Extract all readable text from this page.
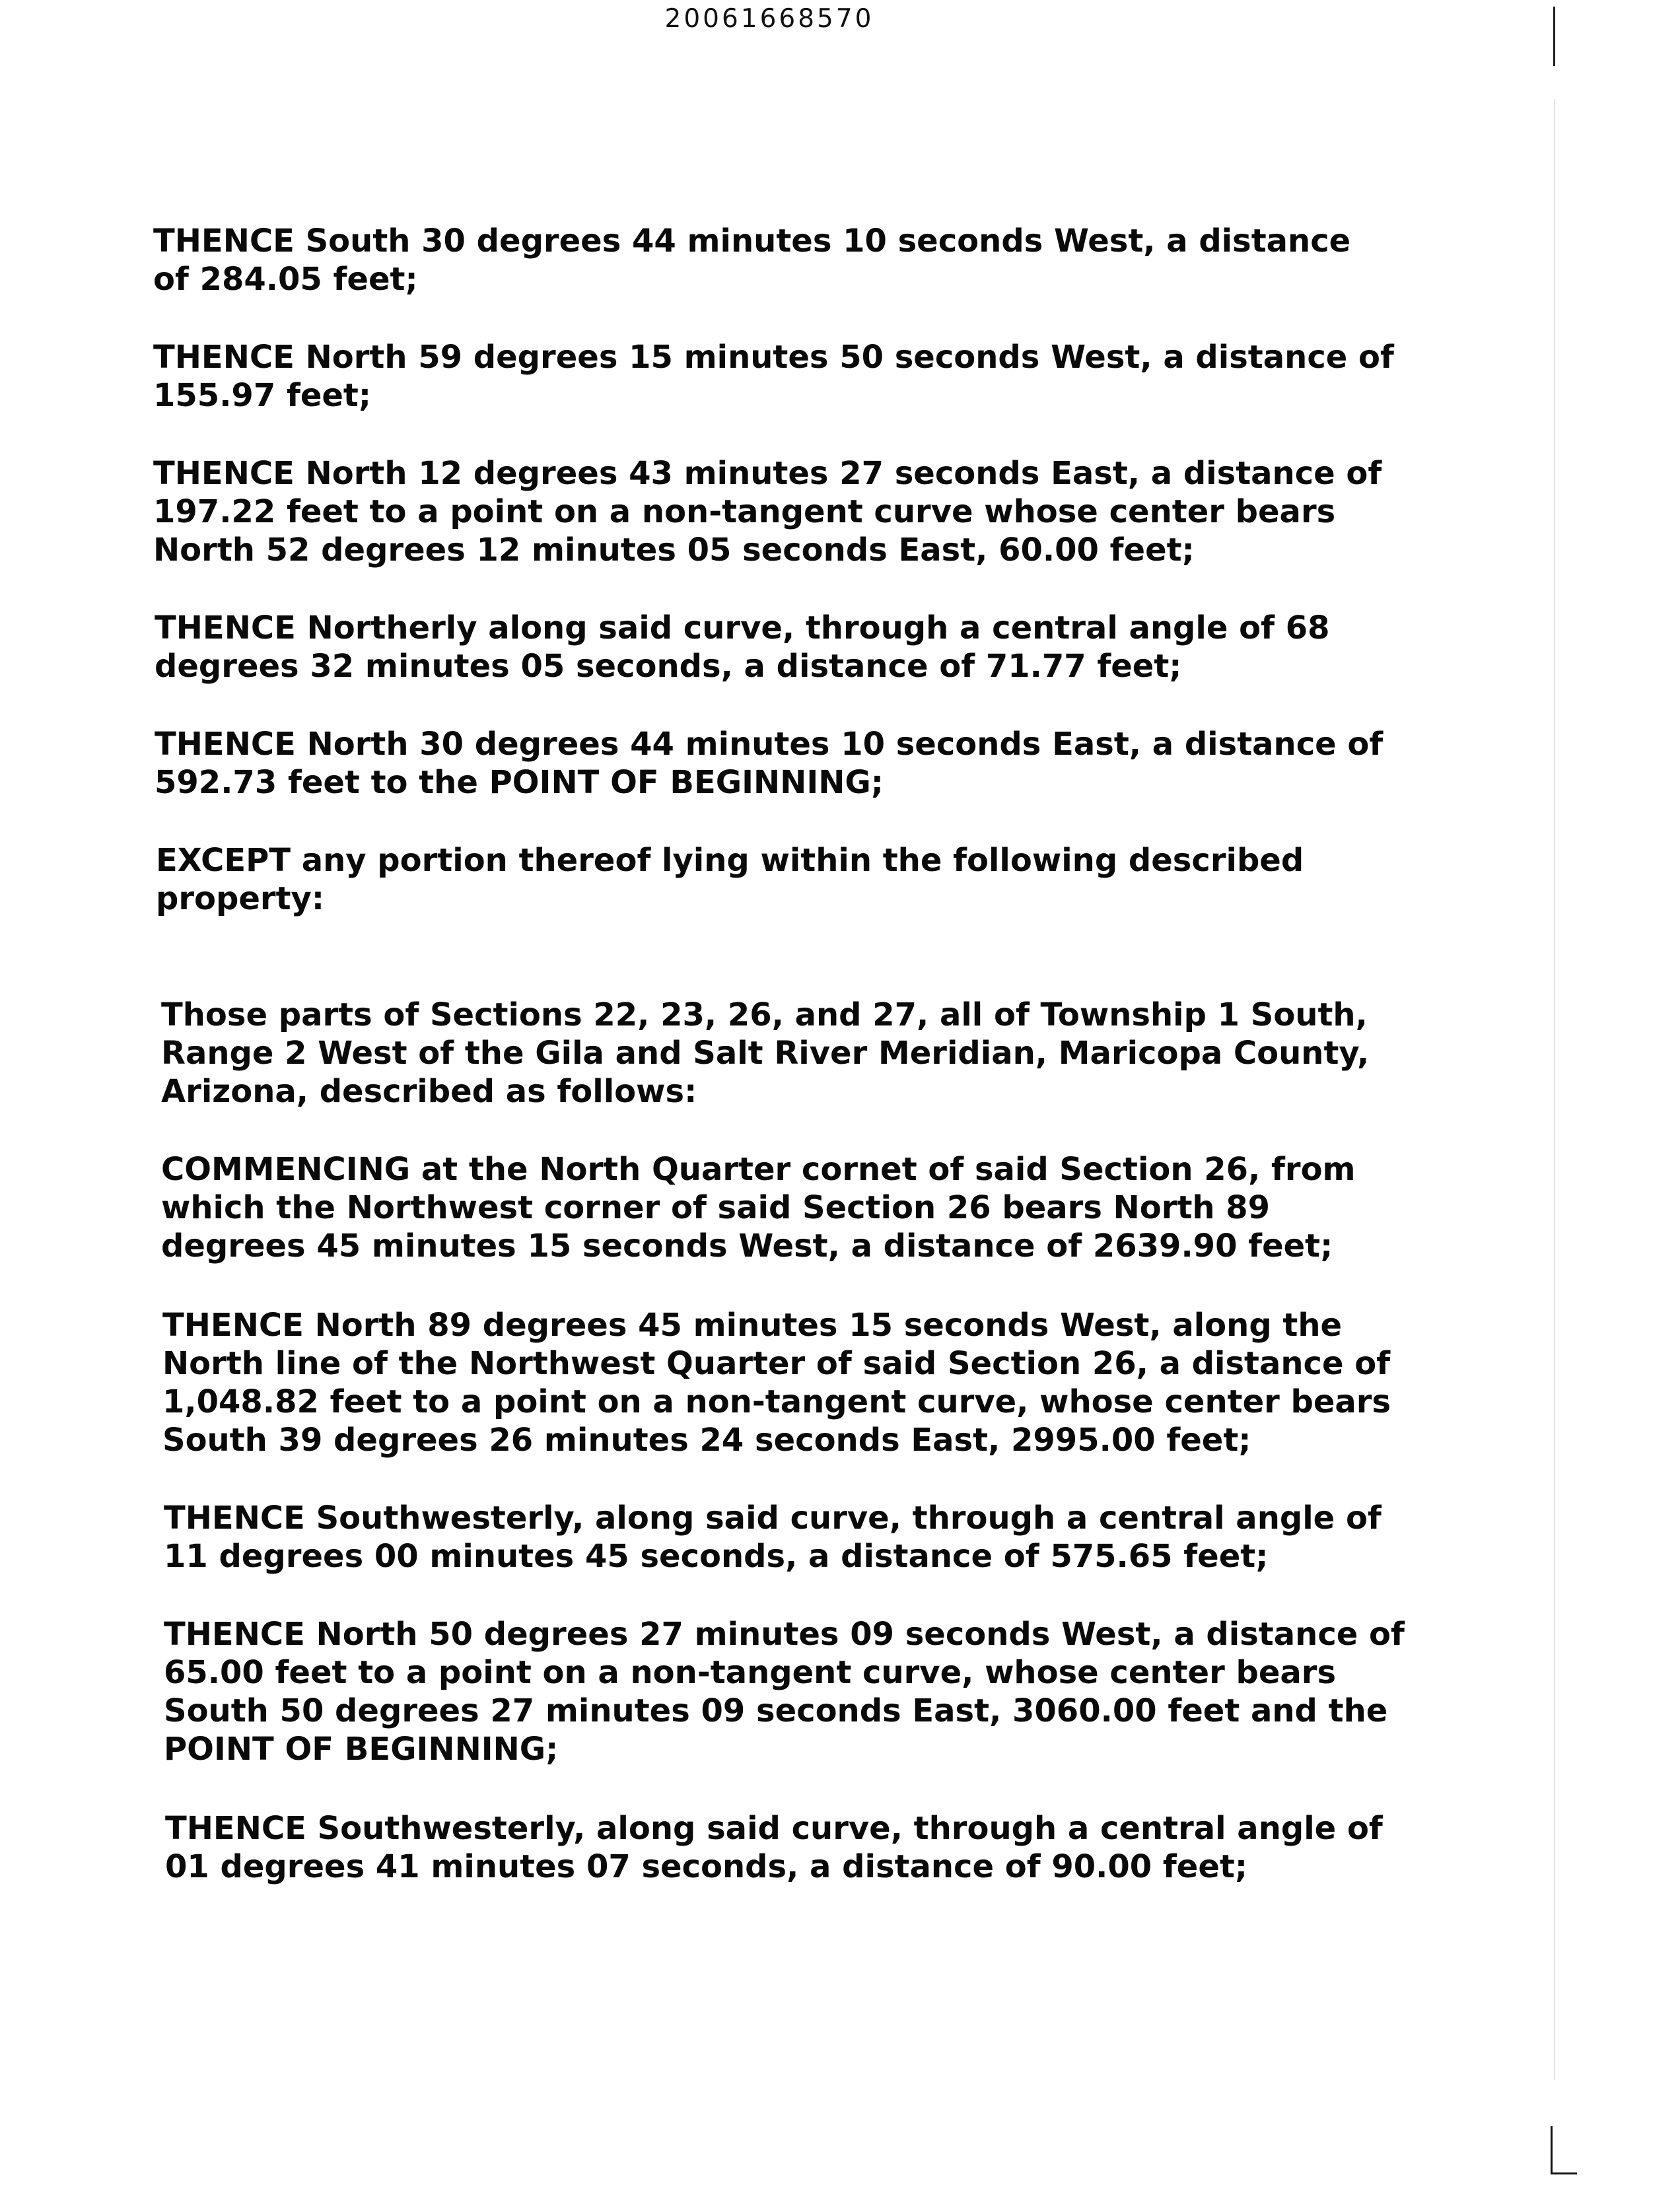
20061668570
THENCE South 30 degrees 44 minutes 10 seconds West, a distance
of 284.05 feet;
THENCE North 59 degrees 15 minutes 50 seconds West, a distance of
155.97 feet;
THENCE North 12 degrees 43 minutes 27 seconds East, a distance of
197.22 feet to a point on a non-tangent curve whose center bears
North 52 degrees 12 minutes 05 seconds East, 60.00 feet;
THENCE Northerly along said curve, through a central angle of 68
degrees 32 minutes 05 seconds, a distance of 71.77 feet;
THENCE North 30 degrees 44 minutes 10 seconds East, a distance of
592.73 feet to the POINT OF BEGINNING;
EXCEPT any portion thereof lying within the following described
property:
Those parts of Sections 22, 23, 26, and 27, all of Township 1 South,
Range 2 West of the Gila and Salt River Meridian, Maricopa County,
Arizona, described as follows:
COMMENCING at the North Quarter cornet of said Section 26, from
which the Northwest corner of said Section 26 bears North 89
degrees 45 minutes 15 seconds West, a distance of 2639.90 feet;
THENCE North 89 degrees 45 minutes 15 seconds West, along the
North line of the Northwest Quarter of said Section 26, a distance of
1,048.82 feet to a point on a non-tangent curve, whose center bears
South 39 degrees 26 minutes 24 seconds East, 2995.00 feet;
THENCE Southwesterly, along said curve, through a central angle of
11 degrees 00 minutes 45 seconds, a distance of 575.65 feet;
THENCE North 50 degrees 27 minutes 09 seconds West, a distance of
65.00 feet to a point on a non-tangent curve, whose center bears
South 50 degrees 27 minutes 09 seconds East, 3060.00 feet and the
POINT OF BEGINNING;
THENCE Southwesterly, along said curve, through a central angle of
01 degrees 41 minutes 07 seconds, a distance of 90.00 feet;
